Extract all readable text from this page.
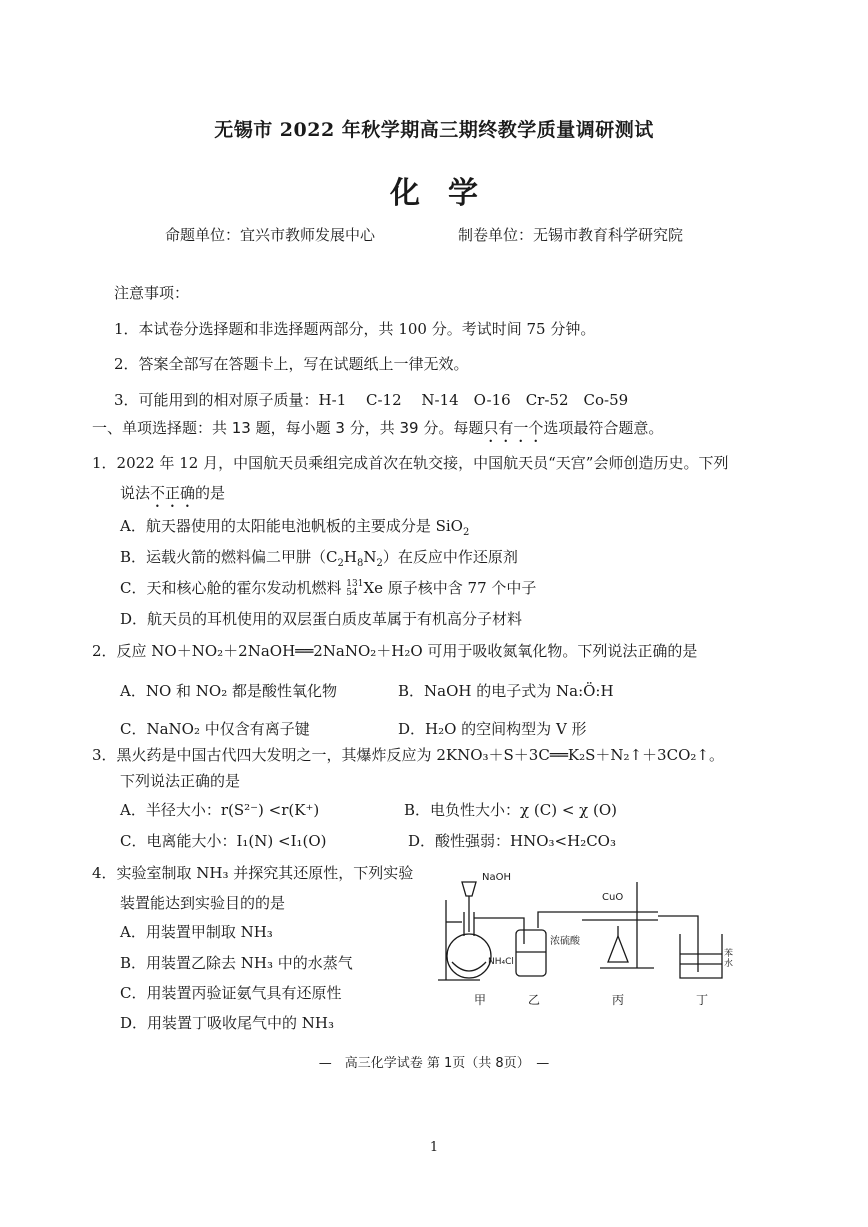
无锡市 2022 年秋学期高三期终教学质量调研测试
化学
命题单位：宜兴市教师发展中心	制卷单位：无锡市教育科学研究院
注意事项：
1．本试卷分选择题和非选择题两部分，共 100 分。考试时间 75 分钟。
2．答案全部写在答题卡上，写在试题纸上一律无效。
3．可能用到的相对原子质量：H-1　 C-12　 N-14　O-16　Cr-52　Co-59
一、单项选择题：共 13 题，每小题 3 分，共 39 分。每题只有一个选项最符合题意。
1．2022 年 12 月，中国航天员乘组完成首次在轨交接，中国航天员“天宫”会师创造历史。下列
说法不正确的是
A．航天器使用的太阳能电池帆板的主要成分是 SiO$_2$
B．运载火箭的燃料偏二甲肼$(C_2H_8N_2)$在反应中作还原剂
C．天和核心舱的霍尔发动机燃料 131
54 Xe 原子核中含 77 个中子
D．航天员的耳机使用的双层蛋白质皮革属于有机高分子材料
2．反应 NO＋NO₂＋2NaOH══2NaNO₂＋H₂O 可用于吸收氮氧化物。下列说法正确的是
A．NO 和 NO₂ 都是酸性氧化物	B．NaOH 的电子式为 Na:Ö:H
C．NaNO₂ 中仅含有离子键	D．H₂O 的空间构型为 V 形
3．黑火药是中国古代四大发明之一，其爆炸反应为 2KNO₃＋S＋3C══K₂S＋N₂↑＋3CO₂↑。
下列说法正确的是
A．半径大小：r(S²⁻) <r(K⁺)	B．电负性大小：χ (C) < χ (O)
C．电离能大小：I₁(N) <I₁(O)	D．酸性强弱：HNO₃<H₂CO₃
4．实验室制取 NH₃ 并探究其还原性，下列实验
装置能达到实验目的的是
A．用装置甲制取 NH₃
B．用装置乙除去 NH₃ 中的水蒸气
C．用装置丙验证氨气具有还原性
D．用装置丁吸收尾气中的 NH₃
NaOH
NH₄Cl
浓硫酸
CuO
苯
水
甲	乙	丙	丁
—　高三化学试卷 第 1页（共 8页）　—
1
